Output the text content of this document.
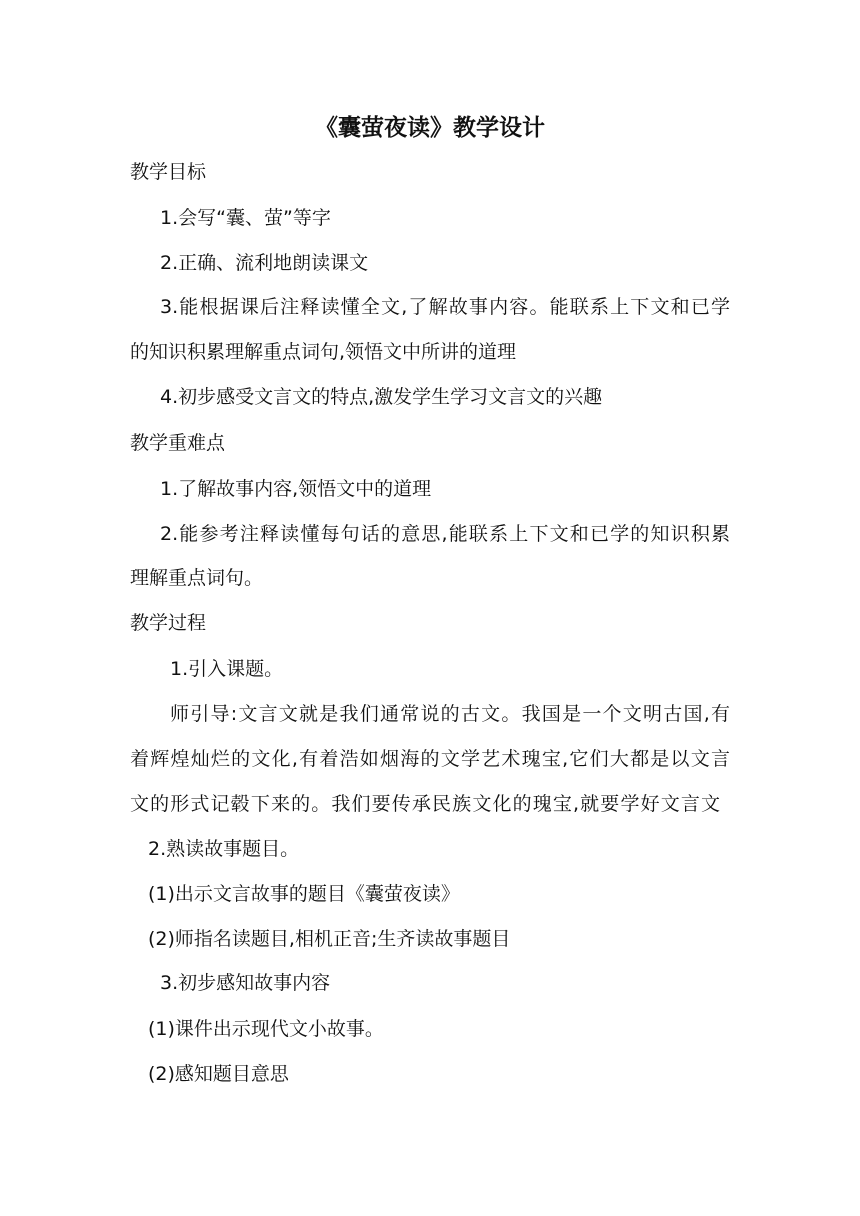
《囊萤夜读》教学设计
教学目标
1.会写“囊、萤”等字
2.正确、流利地朗读课文
3.能根据课后注释读懂全文,了解故事内容。能联系上下文和已学
的知识积累理解重点词句,领悟文中所讲的道理
4.初步感受文言文的特点,激发学生学习文言文的兴趣
教学重难点
1.了解故事内容,领悟文中的道理
2.能参考注释读懂每句话的意思,能联系上下文和已学的知识积累
理解重点词句。
教学过程
1.引入课题。
师引导:文言文就是我们通常说的古文。我国是一个文明古国,有
着辉煌灿烂的文化,有着浩如烟海的文学艺术瑰宝,它们大都是以文言
文的形式记毂下来的。我们要传承民族文化的瑰宝,就要学好文言文
2.熟读故事题目。
(1)出示文言故事的题目《囊萤夜读》
(2)师指名读题目,相机正音;生齐读故事题目
3.初步感知故事内容
(1)课件出示现代文小故事。
(2)感知题目意思
